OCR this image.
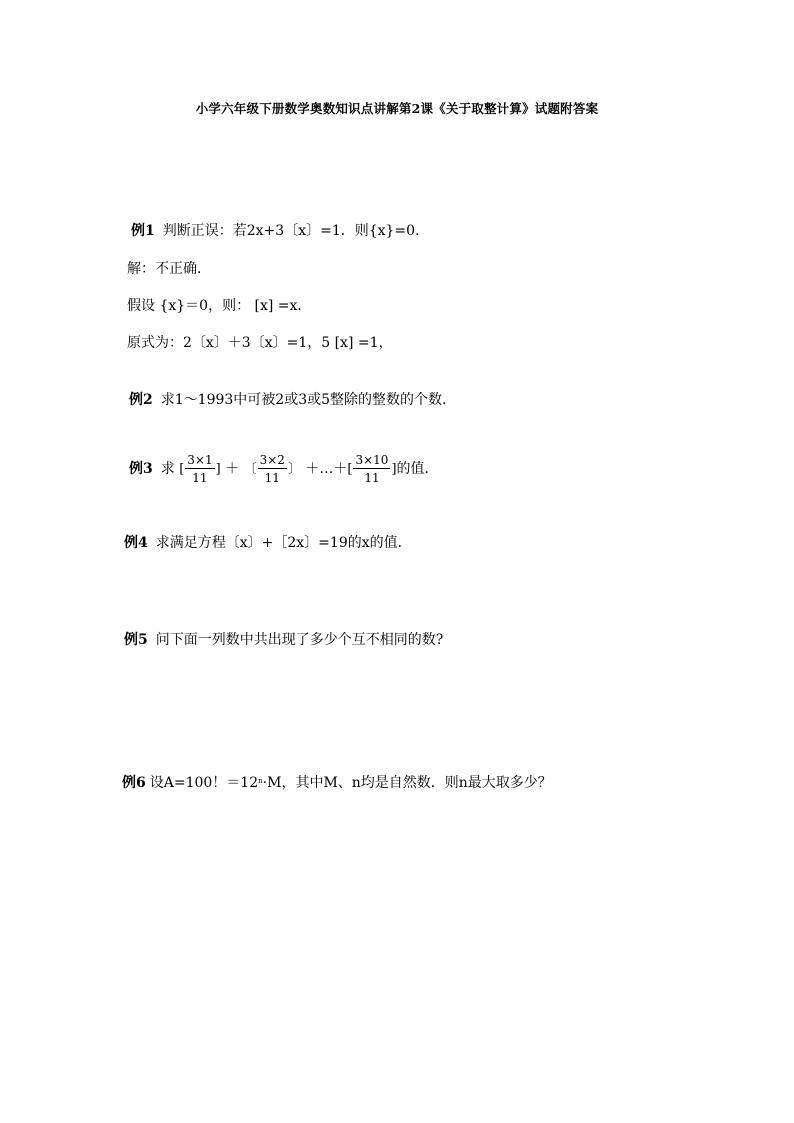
小学六年级下册数学奥数知识点讲解第2课《关于取整计算》试题附答案
例1 判断正误：若2x+3〔x〕=1．则{x}=0．
解：不正确．
假设 {x}＝0，则： [x] =x．
原式为：2〔x〕＋3〔x〕=1，5 [x] =1，
例2 求1～1993中可被2或3或5整除的整数的个数．
例3 求 [ $\frac{3\times 1}{11}$ ] ＋ 〔 $\frac{3\times 2}{11}$ 〕 ＋…＋[ $\frac{3\times 10}{11}$ ]的值．
例4 求满足方程〔x〕+［2x〕=19的x的值．
例5 问下面一列数中共出现了多少个互不相同的数?
例6 设A=100！$=12^n\cdot M$，其中M、n均是自然数．则n最大取多少？
